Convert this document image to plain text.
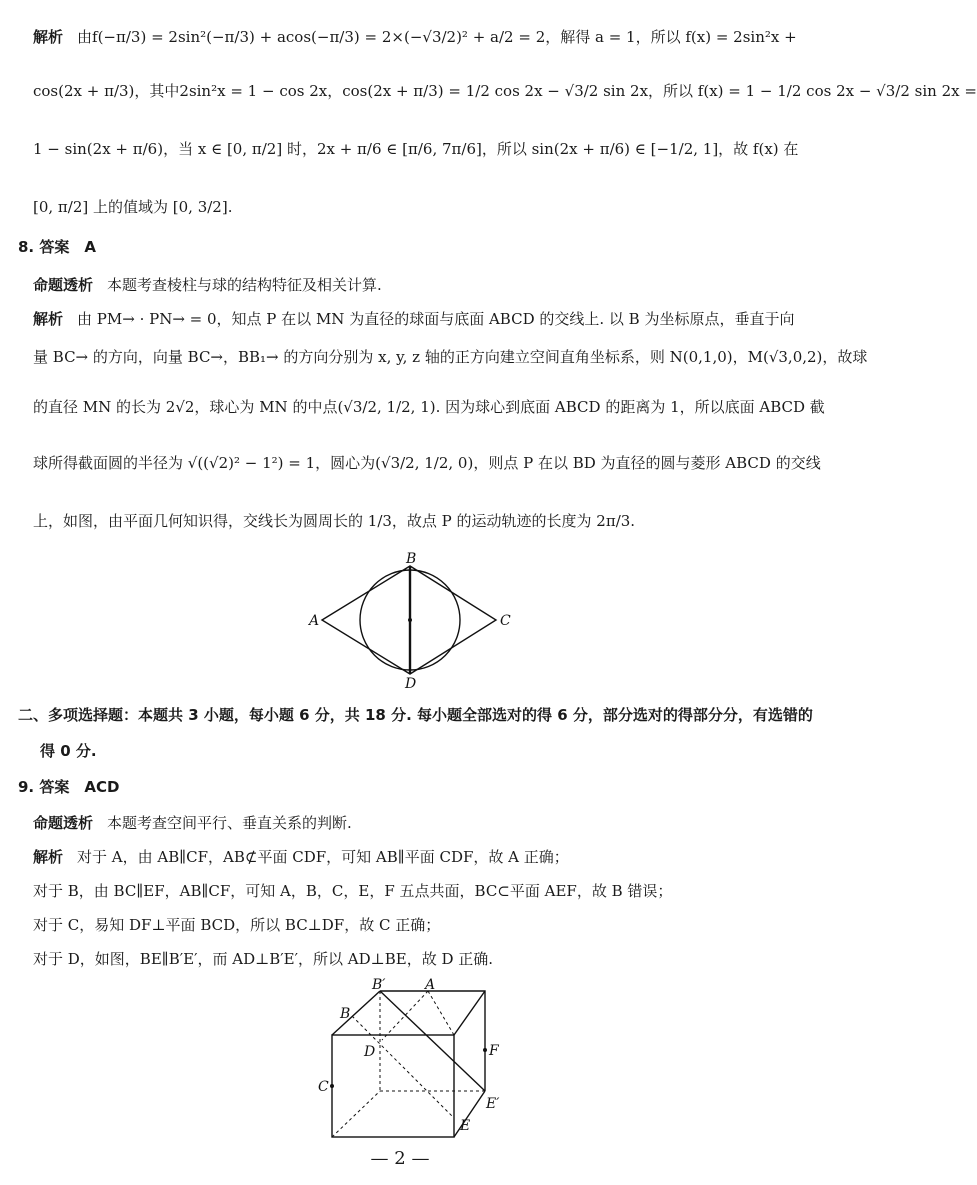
解析 由f(−π/3) = 2sin²(−π/3) + acos(−π/3) = 2×(−√3/2)² + a/2 = 2，解得 a = 1，所以 f(x) = 2sin²x +
cos(2x + π/3)，其中2sin²x = 1 − cos 2x，cos(2x + π/3) = 1/2 cos 2x − √3/2 sin 2x，所以 f(x) = 1 − 1/2 cos 2x − √3/2 sin 2x =
1 − sin(2x + π/6)，当 x ∈ [0, π/2] 时，2x + π/6 ∈ [π/6, 7π/6]，所以 sin(2x + π/6) ∈ [−1/2, 1]，故 f(x) 在
[0, π/2] 上的值域为 [0, 3/2].
8. 答案　A
命题透析 本题考查棱柱与球的结构特征及相关计算.
解析 由 PM→ · PN→ = 0，知点 P 在以 MN 为直径的球面与底面 ABCD 的交线上. 以 B 为坐标原点，垂直于向
量 BC→ 的方向，向量 BC→，BB₁→ 的方向分别为 x, y, z 轴的正方向建立空间直角坐标系，则 N(0,1,0)，M(√3,0,2)，故球
的直径 MN 的长为 2√2，球心为 MN 的中点(√3/2, 1/2, 1). 因为球心到底面 ABCD 的距离为 1，所以底面 ABCD 截
球所得截面圆的半径为 √((√2)² − 1²) = 1，圆心为(√3/2, 1/2, 0)，则点 P 在以 BD 为直径的圆与菱形 ABCD 的交线
上，如图，由平面几何知识得，交线长为圆周长的 1/3，故点 P 的运动轨迹的长度为 2π/3.
B
A	C
D
二、多项选择题：本题共 3 小题，每小题 6 分，共 18 分. 每小题全部选对的得 6 分，部分选对的得部分分，有选错的
得 0 分.
9. 答案　ACD
命题透析 本题考查空间平行、垂直关系的判断.
解析 对于 A，由 AB∥CF，AB⊄平面 CDF，可知 AB∥平面 CDF，故 A 正确；
对于 B，由 BC∥EF，AB∥CF，可知 A，B，C，E，F 五点共面，BC⊂平面 AEF，故 B 错误；
对于 C，易知 DF⊥平面 BCD，所以 BC⊥DF，故 C 正确；
对于 D，如图，BE∥B′E′，而 AD⊥B′E′，所以 AD⊥BE，故 D 正确.
B′	A
B
D	F
C
E′
E
— 2 —
